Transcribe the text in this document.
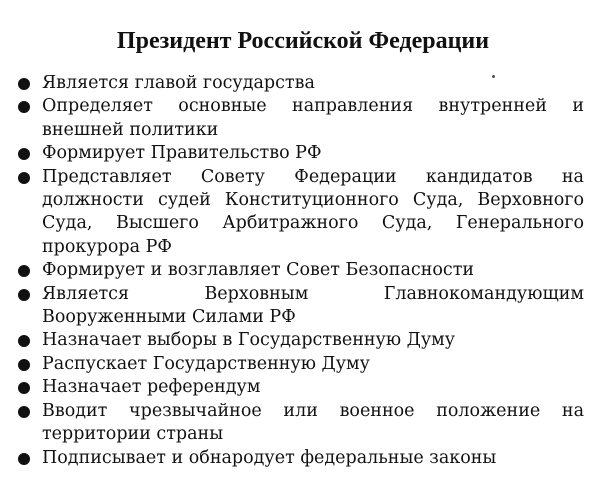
Президент Российской Федерации
Является главой государства
Определяет основные направления внутренней и внешней политики
Формирует Правительство РФ
Представляет Совету Федерации кандидатов на должности судей Конституционного Суда, Верховного Суда, Высшего Арбитражного Суда, Генерального прокурора РФ
Формирует и возглавляет Совет Безопасности
Является Верховным Главнокомандующим Вооруженными Силами РФ
Назначает выборы в Государственную Думу
Распускает Государственную Думу
Назначает референдум
Вводит чрезвычайное или военное положение на территории страны
Подписывает и обнародует федеральные законы
